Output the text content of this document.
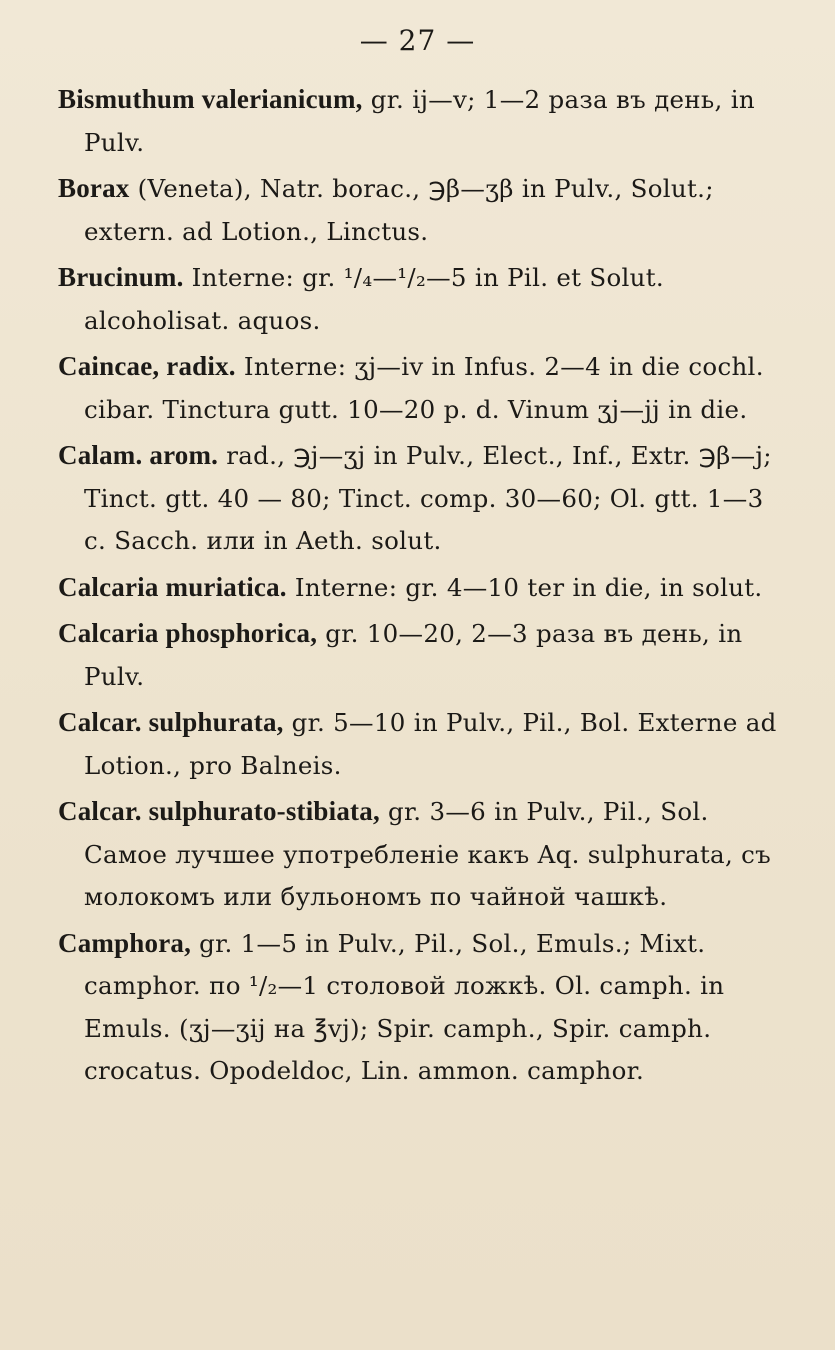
— 27 —

Bismuthum valerianicum, gr. ij—v; 1—2 раза въ день, in Pulv.

Borax (Veneta), Natr. borac., ℈β—ʒβ in Pulv., Solut.; extern. ad Lotion., Linctus.

Brucinum. Interne: gr. ¹/₄—¹/₂—5 in Pil. et Solut. alcoholisat. aquos.

Caincae, radix. Interne: ʒj—iv in Infus. 2—4 in die cochl. cibar. Tinctura gutt. 10—20 p. d. Vinum ʒj—jj in die.

Calam. arom. rad., ℈j—ʒj in Pulv., Elect., Inf., Extr. ℈β—j; Tinct. gtt. 40 — 80; Tinct. comp. 30—60; Ol. gtt. 1—3 c. Sacch. или in Aeth. solut.

Calcaria muriatica. Interne: gr. 4—10 ter in die, in solut.

Calcaria phosphorica, gr. 10—20, 2—3 раза въ день, in Pulv.

Calcar. sulphurata, gr. 5—10 in Pulv., Pil., Bol. Externe ad Lotion., pro Balneis.

Calcar. sulphurato-stibiata, gr. 3—6 in Pulv., Pil., Sol. Самое лучшее употребленіе какъ Aq. sulphurata, съ молокомъ или бульономъ по чайной чашкѣ.

Camphora, gr. 1—5 in Pulv., Pil., Sol., Emuls.; Mixt. camphor. по ¹/₂—1 столовой ложкѣ. Ol. camph. in Emuls. (ʒj—ʒij на ℥vj); Spir. camph., Spir. camph. crocatus. Opodeldoc, Lin. ammon. camphor.
